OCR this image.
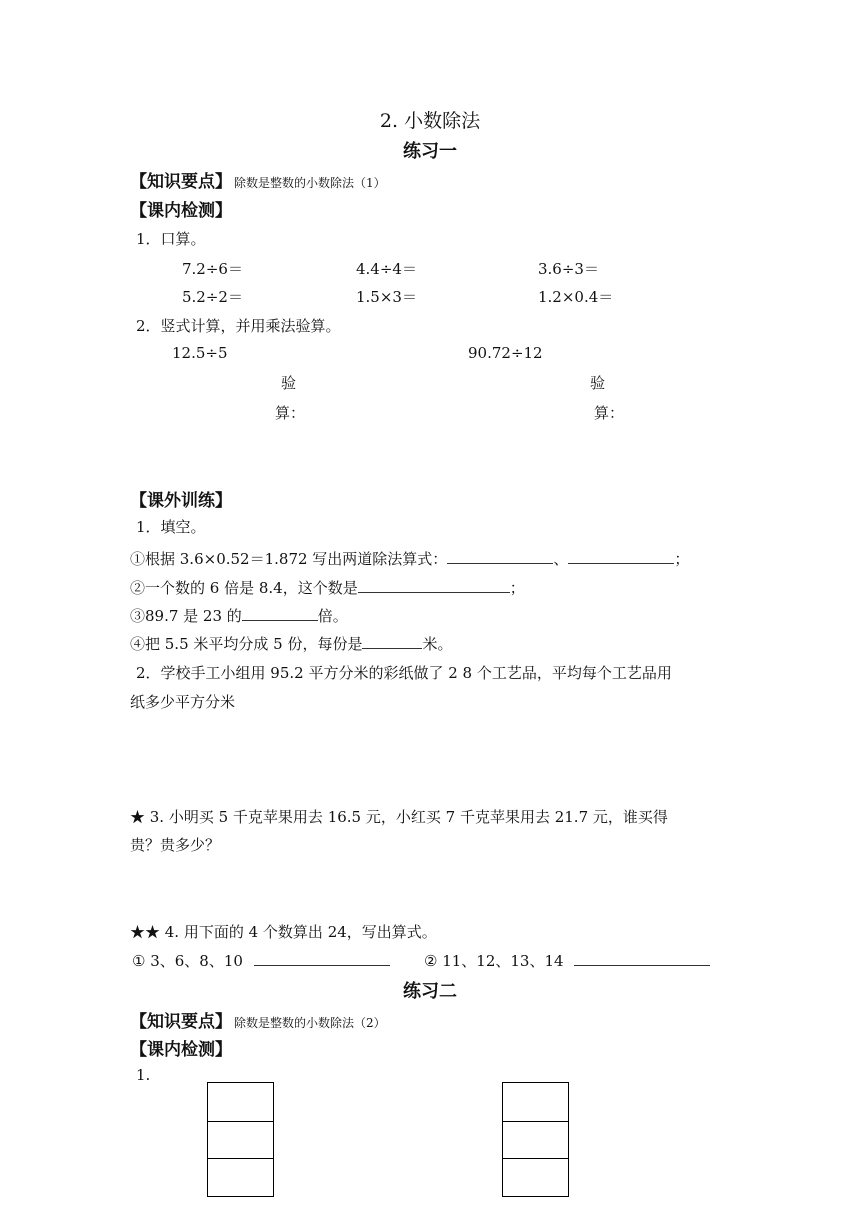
2. 小数除法
练习一
【知识要点】 除数是整数的小数除法（1）
【课内检测】
1．口算。
7.2÷6＝	4.4÷4＝	3.6÷3＝
5.2÷2＝	1.5×3＝	1.2×0.4＝
2．竖式计算，并用乘法验算。
12.5÷5	90.72÷12
验	验
算：	算：
【课外训练】
1．填空。
①根据 3.6×0.52＝1.872 写出两道除法算式：	、	；
②一个数的 6 倍是 8.4，这个数是	；
③89.7 是 23 的	倍。
④把 5.5 米平均分成 5 份，每份是	米。
2．学校手工小组用 95.2 平方分米的彩纸做了 2 8 个工艺品，平均每个工艺品用
纸多少平方分米
★ 3. 小明买 5 千克苹果用去 16.5 元，小红买 7 千克苹果用去 21.7 元，谁买得
贵？贵多少？
★★ 4. 用下面的 4 个数算出 24，写出算式。
① 3、6、8、10	② 11、12、13、14
练习二
【知识要点】 除数是整数的小数除法（2）
【课内检测】
1.
